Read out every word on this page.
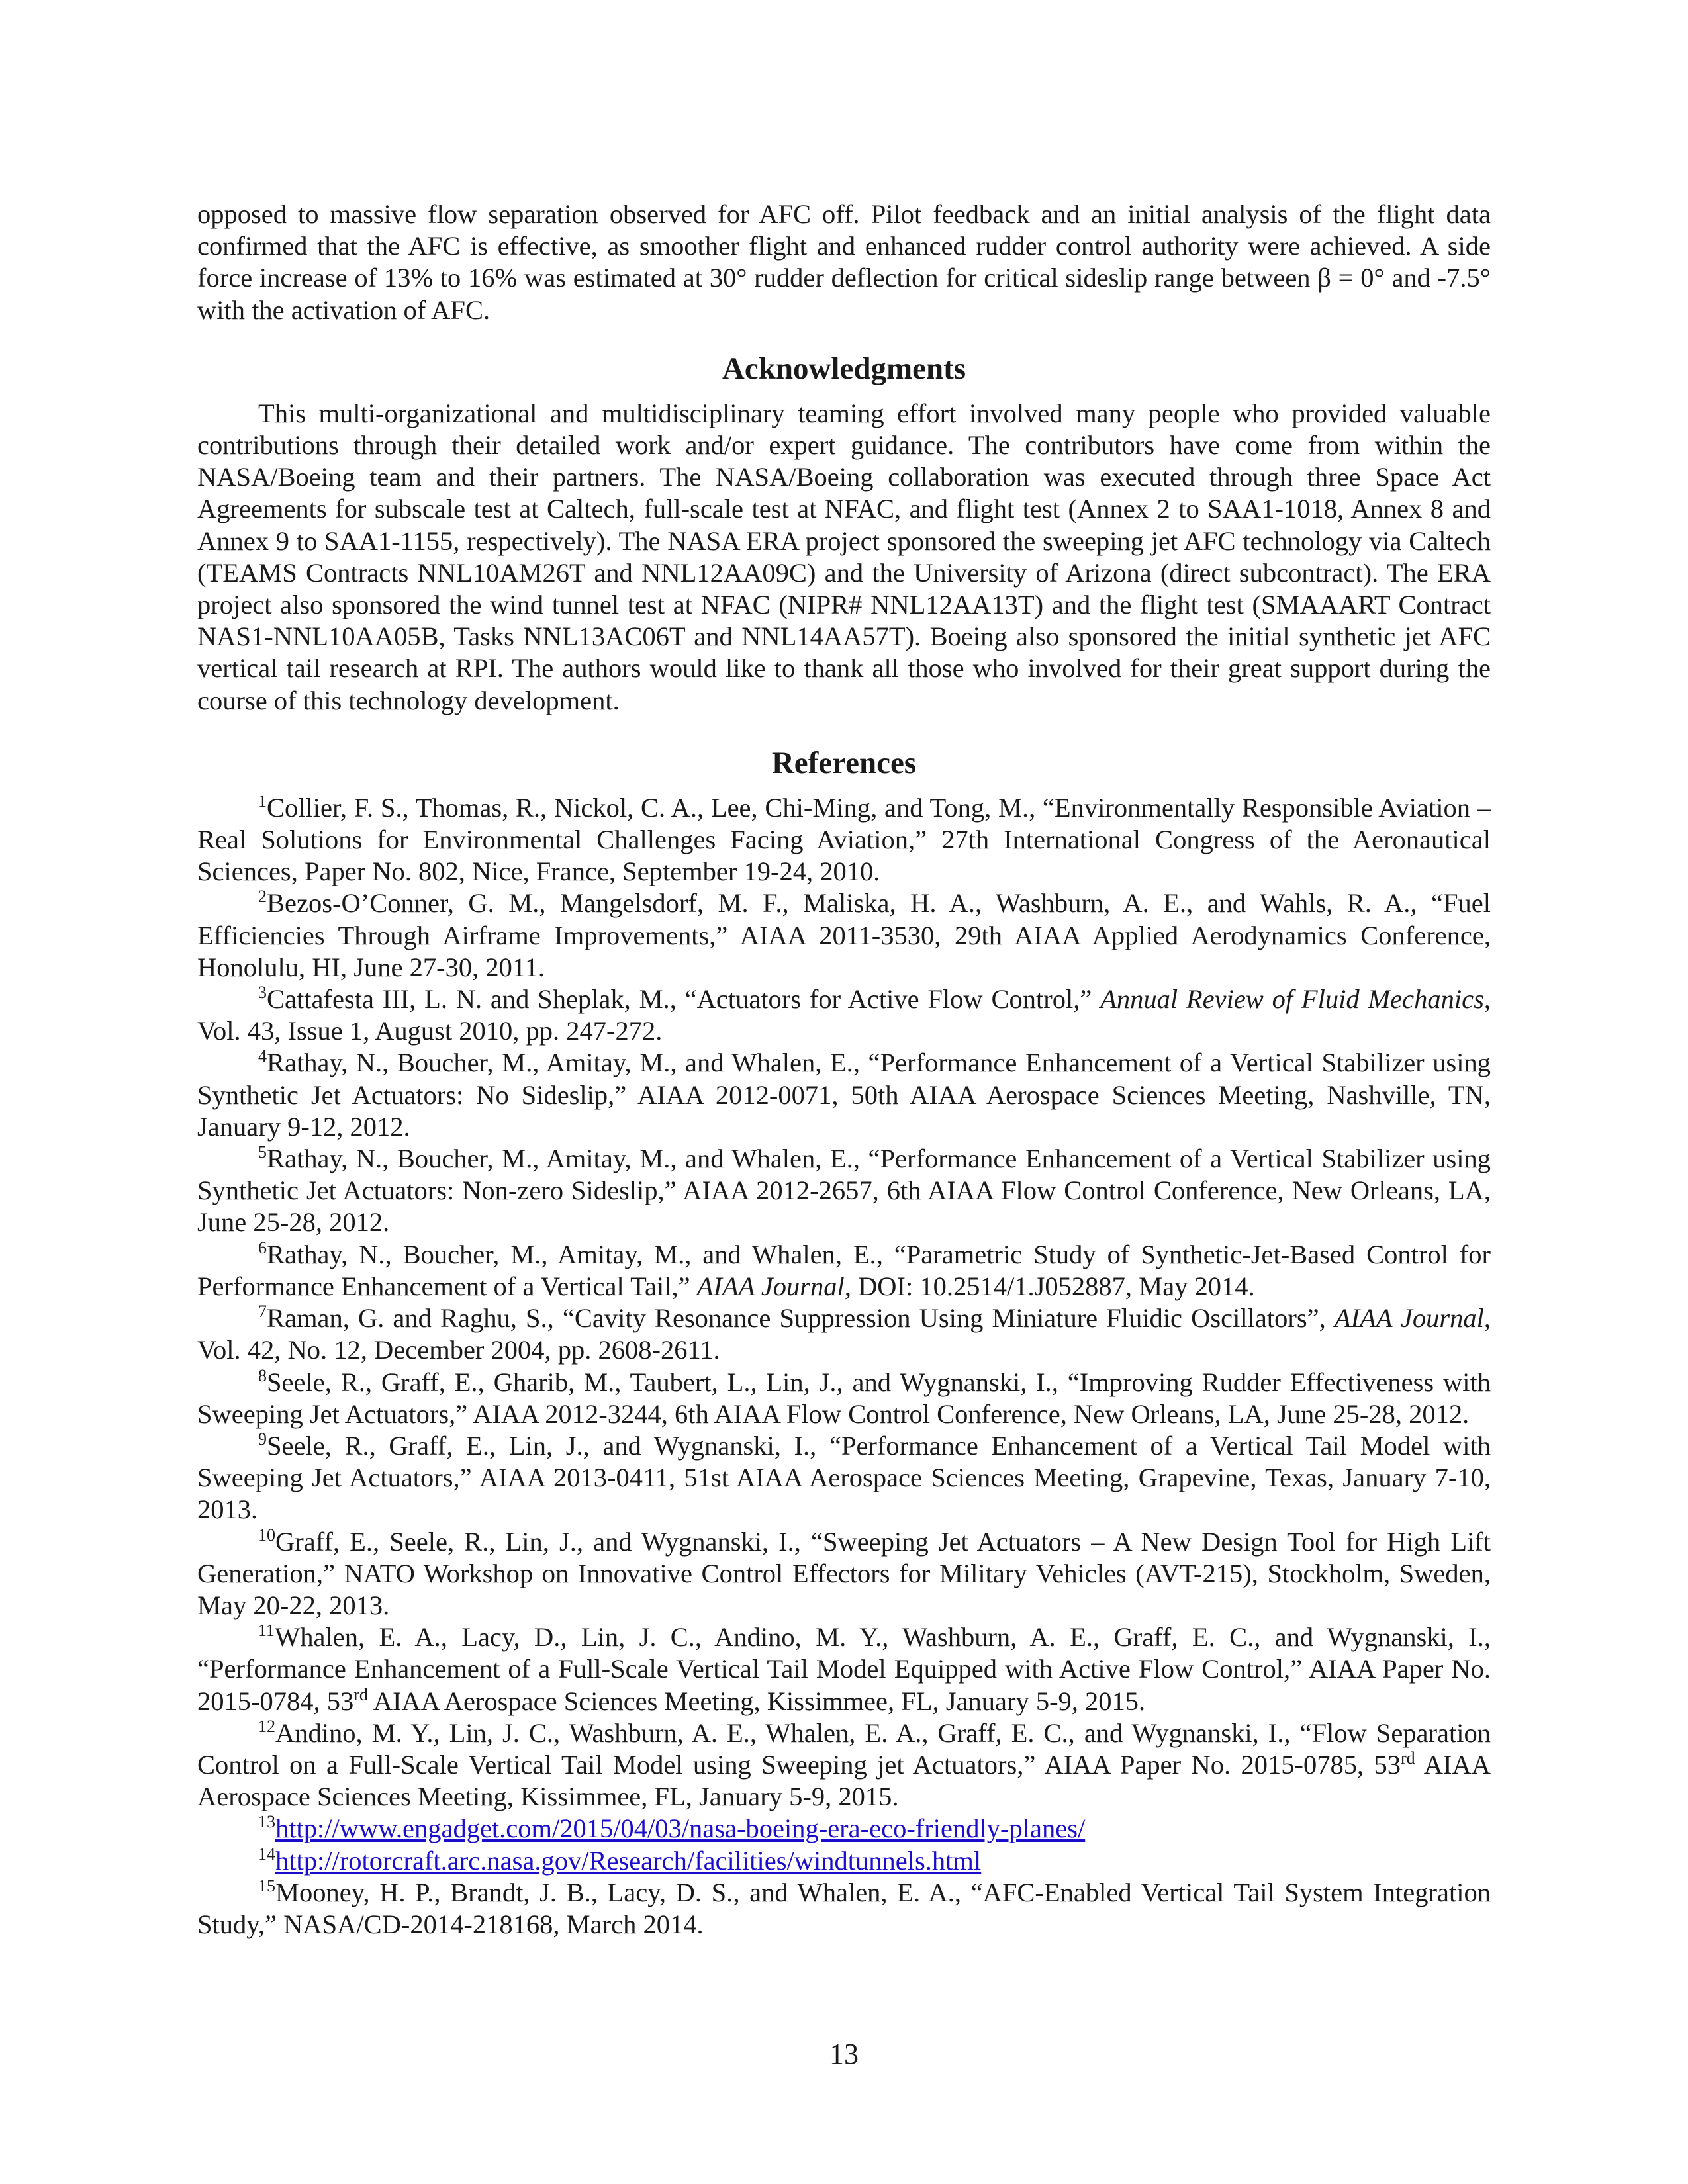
opposed to massive flow separation observed for AFC off. Pilot feedback and an initial analysis of the flight data confirmed that the AFC is effective, as smoother flight and enhanced rudder control authority were achieved. A side force increase of 13% to 16% was estimated at 30° rudder deflection for critical sideslip range between β = 0° and -7.5° with the activation of AFC.

Acknowledgments

This multi-organizational and multidisciplinary teaming effort involved many people who provided valuable contributions through their detailed work and/or expert guidance. The contributors have come from within the NASA/Boeing team and their partners. The NASA/Boeing collaboration was executed through three Space Act Agreements for subscale test at Caltech, full-scale test at NFAC, and flight test (Annex 2 to SAA1-1018, Annex 8 and Annex 9 to SAA1-1155, respectively). The NASA ERA project sponsored the sweeping jet AFC technology via Caltech (TEAMS Contracts NNL10AM26T and NNL12AA09C) and the University of Arizona (direct subcontract). The ERA project also sponsored the wind tunnel test at NFAC (NIPR# NNL12AA13T) and the flight test (SMAAART Contract NAS1-NNL10AA05B, Tasks NNL13AC06T and NNL14AA57T). Boeing also sponsored the initial synthetic jet AFC vertical tail research at RPI. The authors would like to thank all those who involved for their great support during the course of this technology development.

References

$^1$Collier, F. S., Thomas, R., Nickol, C. A., Lee, Chi-Ming, and Tong, M., “Environmentally Responsible Aviation – Real Solutions for Environmental Challenges Facing Aviation,” 27th International Congress of the Aeronautical Sciences, Paper No. 802, Nice, France, September 19-24, 2010.

$^2$Bezos-O’Conner, G. M., Mangelsdorf, M. F., Maliska, H. A., Washburn, A. E., and Wahls, R. A., “Fuel Efficiencies Through Airframe Improvements,” AIAA 2011-3530, 29th AIAA Applied Aerodynamics Conference, Honolulu, HI, June 27-30, 2011.

$^3$Cattafesta III, L. N. and Sheplak, M., “Actuators for Active Flow Control,” Annual Review of Fluid Mechanics, Vol. 43, Issue 1, August 2010, pp. 247-272.

$^4$Rathay, N., Boucher, M., Amitay, M., and Whalen, E., “Performance Enhancement of a Vertical Stabilizer using Synthetic Jet Actuators: No Sideslip,” AIAA 2012-0071, 50th AIAA Aerospace Sciences Meeting, Nashville, TN, January 9-12, 2012.

$^5$Rathay, N., Boucher, M., Amitay, M., and Whalen, E., “Performance Enhancement of a Vertical Stabilizer using Synthetic Jet Actuators: Non-zero Sideslip,” AIAA 2012-2657, 6th AIAA Flow Control Conference, New Orleans, LA, June 25-28, 2012.

$^6$Rathay, N., Boucher, M., Amitay, M., and Whalen, E., “Parametric Study of Synthetic-Jet-Based Control for Performance Enhancement of a Vertical Tail,” AIAA Journal, DOI: 10.2514/1.J052887, May 2014.

$^7$Raman, G. and Raghu, S., “Cavity Resonance Suppression Using Miniature Fluidic Oscillators”, AIAA Journal, Vol. 42, No. 12, December 2004, pp. 2608-2611.

$^8$Seele, R., Graff, E., Gharib, M., Taubert, L., Lin, J., and Wygnanski, I., “Improving Rudder Effectiveness with Sweeping Jet Actuators,” AIAA 2012-3244, 6th AIAA Flow Control Conference, New Orleans, LA, June 25-28, 2012.

$^9$Seele, R., Graff, E., Lin, J., and Wygnanski, I., “Performance Enhancement of a Vertical Tail Model with Sweeping Jet Actuators,” AIAA 2013-0411, 51st AIAA Aerospace Sciences Meeting, Grapevine, Texas, January 7-10, 2013.

$^{10}$Graff, E., Seele, R., Lin, J., and Wygnanski, I., “Sweeping Jet Actuators – A New Design Tool for High Lift Generation,” NATO Workshop on Innovative Control Effectors for Military Vehicles (AVT-215), Stockholm, Sweden, May 20-22, 2013.

$^{11}$Whalen, E. A., Lacy, D., Lin, J. C., Andino, M. Y., Washburn, A. E., Graff, E. C., and Wygnanski, I., “Performance Enhancement of a Full-Scale Vertical Tail Model Equipped with Active Flow Control,” AIAA Paper No. 2015-0784, 53rd AIAA Aerospace Sciences Meeting, Kissimmee, FL, January 5-9, 2015.

$^{12}$Andino, M. Y., Lin, J. C., Washburn, A. E., Whalen, E. A., Graff, E. C., and Wygnanski, I., “Flow Separation Control on a Full-Scale Vertical Tail Model using Sweeping jet Actuators,” AIAA Paper No. 2015-0785, 53rd AIAA Aerospace Sciences Meeting, Kissimmee, FL, January 5-9, 2015.

$^{13}$http://www.engadget.com/2015/04/03/nasa-boeing-era-eco-friendly-planes/

$^{14}$http://rotorcraft.arc.nasa.gov/Research/facilities/windtunnels.html

$^{15}$Mooney, H. P., Brandt, J. B., Lacy, D. S., and Whalen, E. A., “AFC-Enabled Vertical Tail System Integration Study,” NASA/CD-2014-218168, March 2014.

13
